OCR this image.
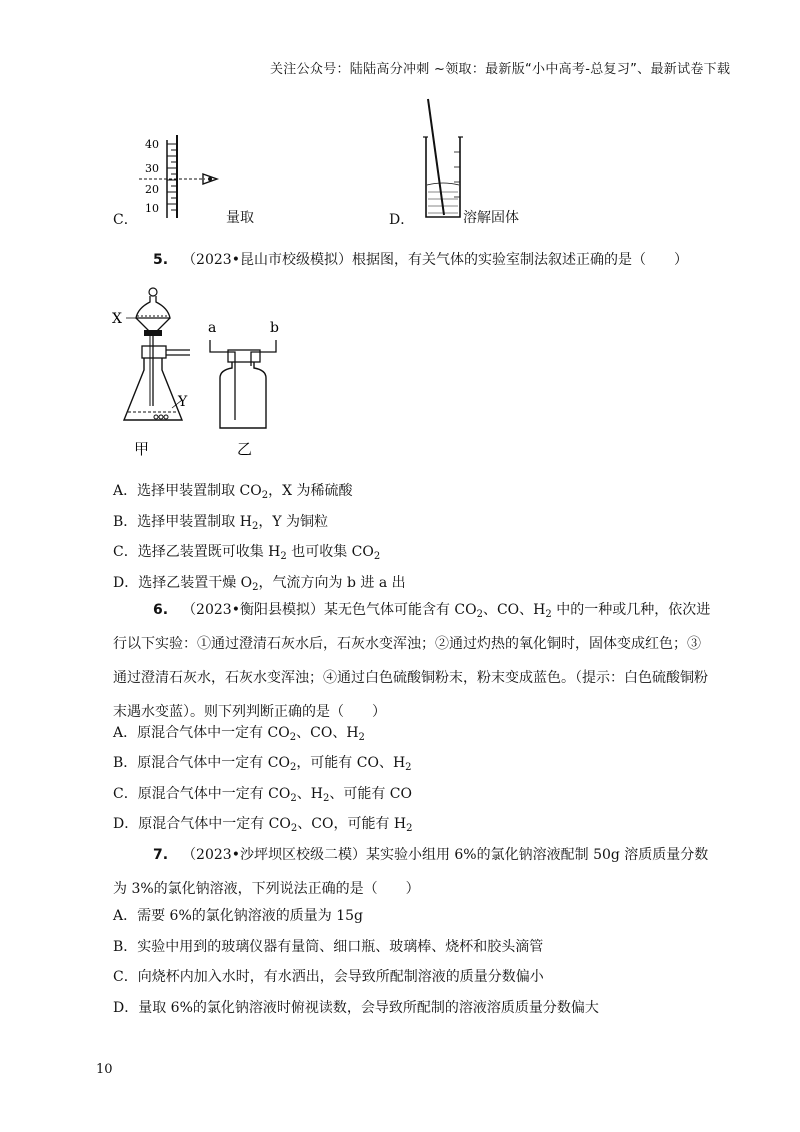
关注公众号：陆陆高分冲刺 ~领取：最新版“小中高考-总复习”、最新试卷下载
C．
40
30
20
10
量取	D．	溶解固体
5. （2023•昆山市校级模拟）根据图，有关气体的实验室制法叙述正确的是（　　）
X
Y
甲
a	b
乙
A．选择甲装置制取 $CO_2$，X 为稀硫酸
B．选择甲装置制取 $H_2$，Y 为铜粒
C．选择乙装置既可收集 $H_2$ 也可收集 $CO_2$
D．选择乙装置干燥 $O_2$，气流方向为 b 进 a 出
6. （2023•衡阳县模拟）某无色气体可能含有 $CO_2$、CO、$H_2$ 中的一种或几种，依次进行以下实验：①通过澄清石灰水后，石灰水变浑浊；②通过灼热的氧化铜时，固体变成红色；③通过澄清石灰水，石灰水变浑浊；④通过白色硫酸铜粉末，粉末变成蓝色。（提示：白色硫酸铜粉末遇水变蓝）。则下列判断正确的是（　　）
A．原混合气体中一定有 $CO_2$、CO、$H_2$
B．原混合气体中一定有 $CO_2$，可能有 CO、$H_2$
C．原混合气体中一定有 $CO_2$、$H_2$、可能有 CO
D．原混合气体中一定有 $CO_2$、CO，可能有 $H_2$
7. （2023•沙坪坝区校级二模）某实验小组用 6%的氯化钠溶液配制 50g 溶质质量分数为 3%的氯化钠溶液，下列说法正确的是（　　）
A．需要 6%的氯化钠溶液的质量为 15g
B．实验中用到的玻璃仪器有量筒、细口瓶、玻璃棒、烧杯和胶头滴管
C．向烧杯内加入水时，有水洒出，会导致所配制溶液的质量分数偏小
D．量取 6%的氯化钠溶液时俯视读数，会导致所配制的溶液溶质质量分数偏大
10
